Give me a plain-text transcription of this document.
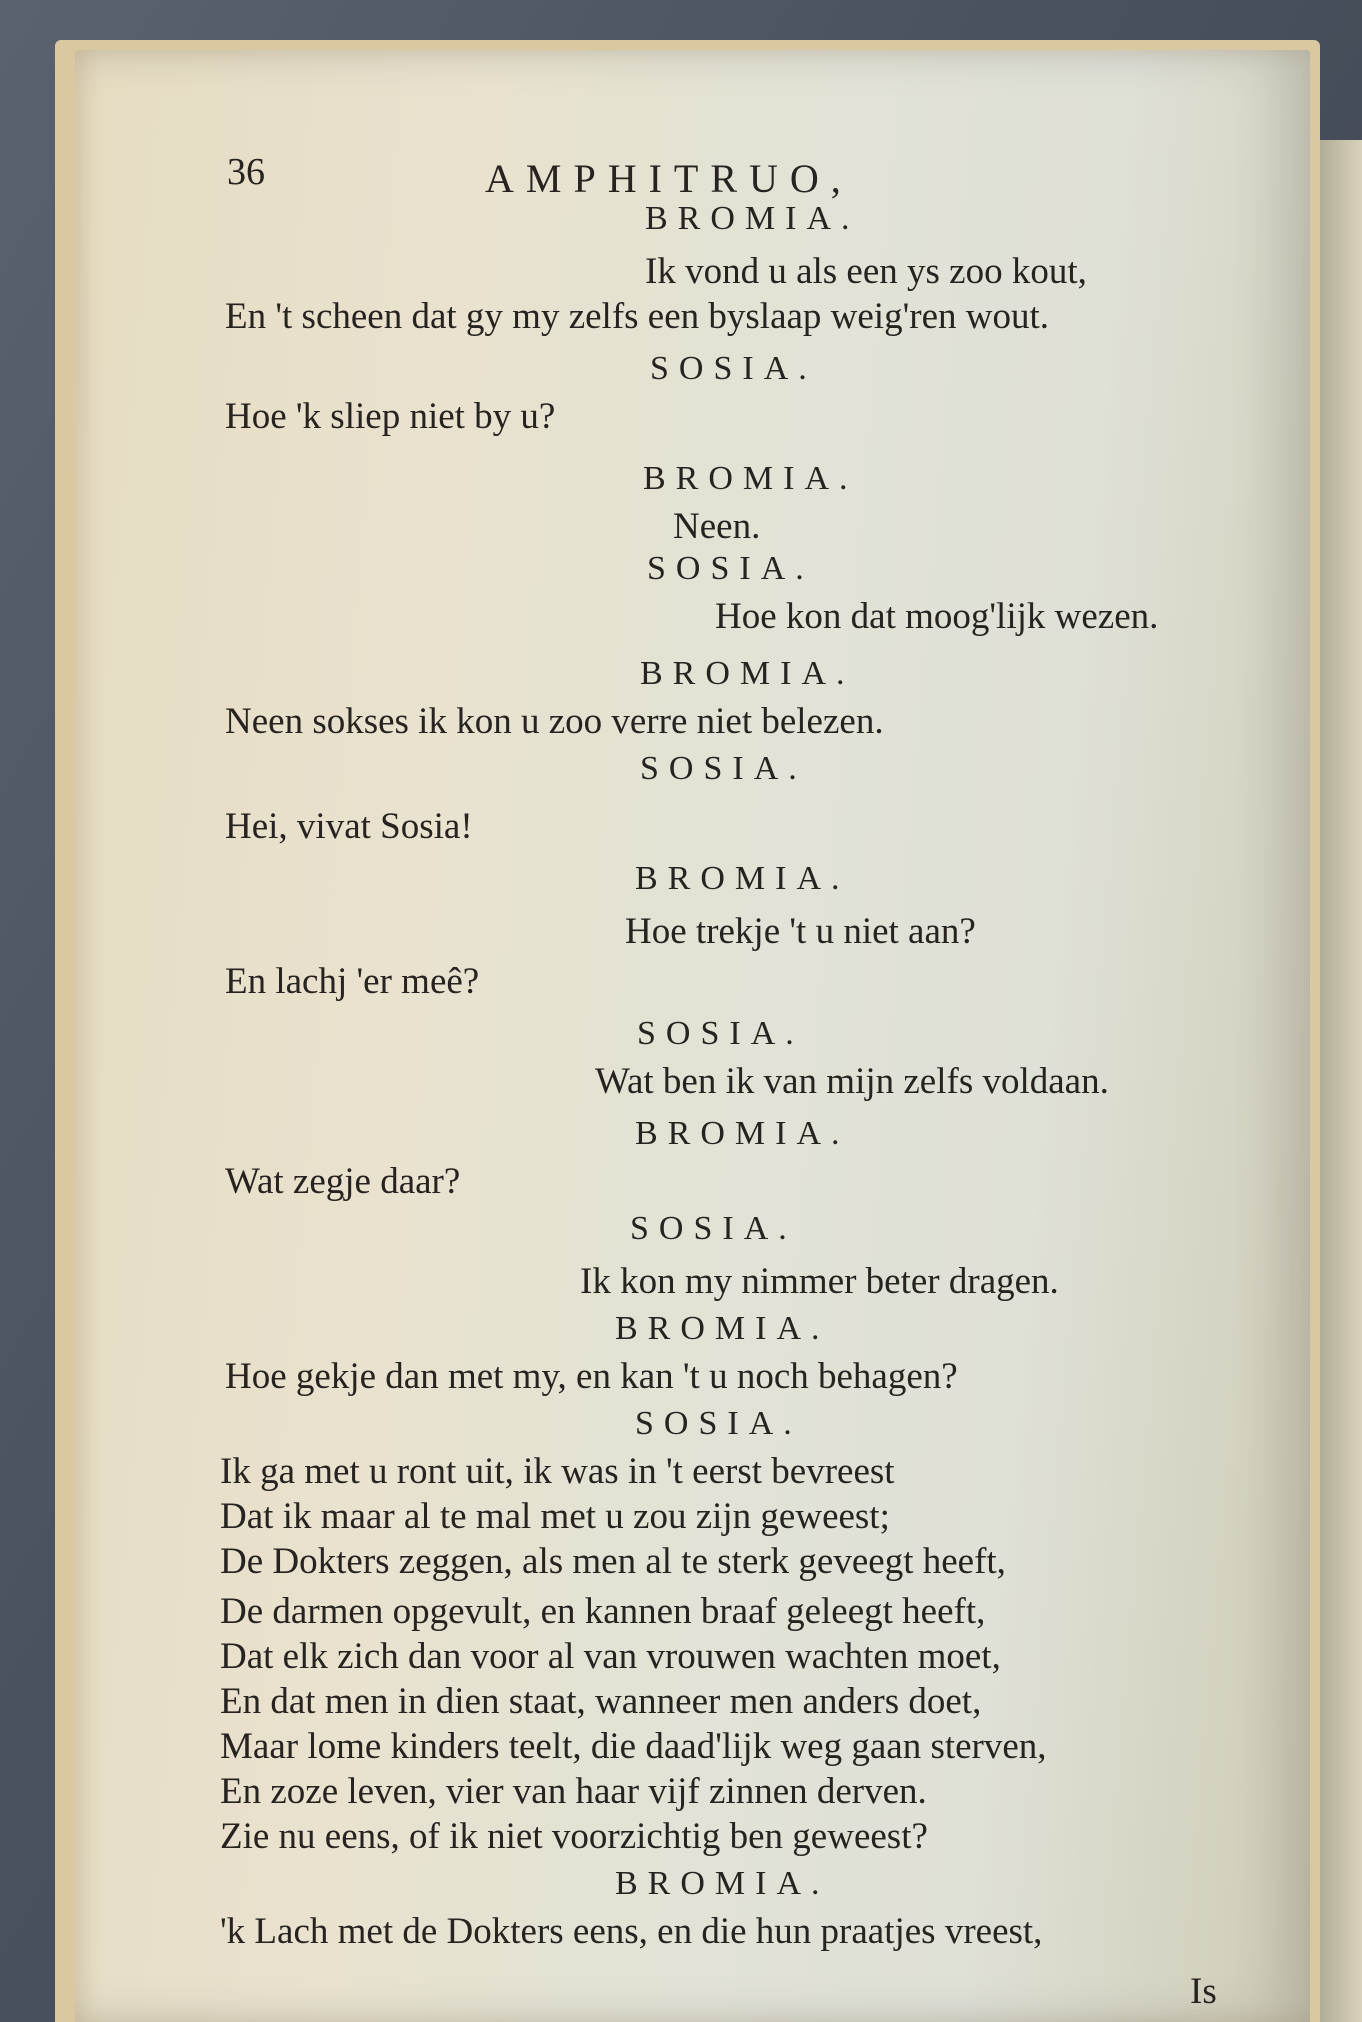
36	AMPHITRUO,
BROMIA.
Ik vond u als een ys zoo kout,
En 't scheen dat gy my zelfs een byslaap weig'ren wout.
SOSIA.
Hoe 'k sliep niet by u?
BROMIA.
Neen.
SOSIA.
Hoe kon dat moog'lijk wezen.
BROMIA.
Neen sokses ik kon u zoo verre niet belezen.
SOSIA.
Hei, vivat Sosia!
BROMIA.
Hoe trekje 't u niet aan?
En lachj 'er meê?
SOSIA.
Wat ben ik van mijn zelfs voldaan.
BROMIA.
Wat zegje daar?
SOSIA.
Ik kon my nimmer beter dragen.
BROMIA.
Hoe gekje dan met my, en kan 't u noch behagen?
SOSIA.
Ik ga met u ront uit, ik was in 't eerst bevreest
Dat ik maar al te mal met u zou zijn geweest;
De Dokters zeggen, als men al te sterk geveegt heeft,
De darmen opgevult, en kannen braaf geleegt heeft,
Dat elk zich dan voor al van vrouwen wachten moet,
En dat men in dien staat, wanneer men anders doet,
Maar lome kinders teelt, die daad'lijk weg gaan sterven,
En zoze leven, vier van haar vijf zinnen derven.
Zie nu eens, of ik niet voorzichtig ben geweest?
BROMIA.
'k Lach met de Dokters eens, en die hun praatjes vreest,
Is
